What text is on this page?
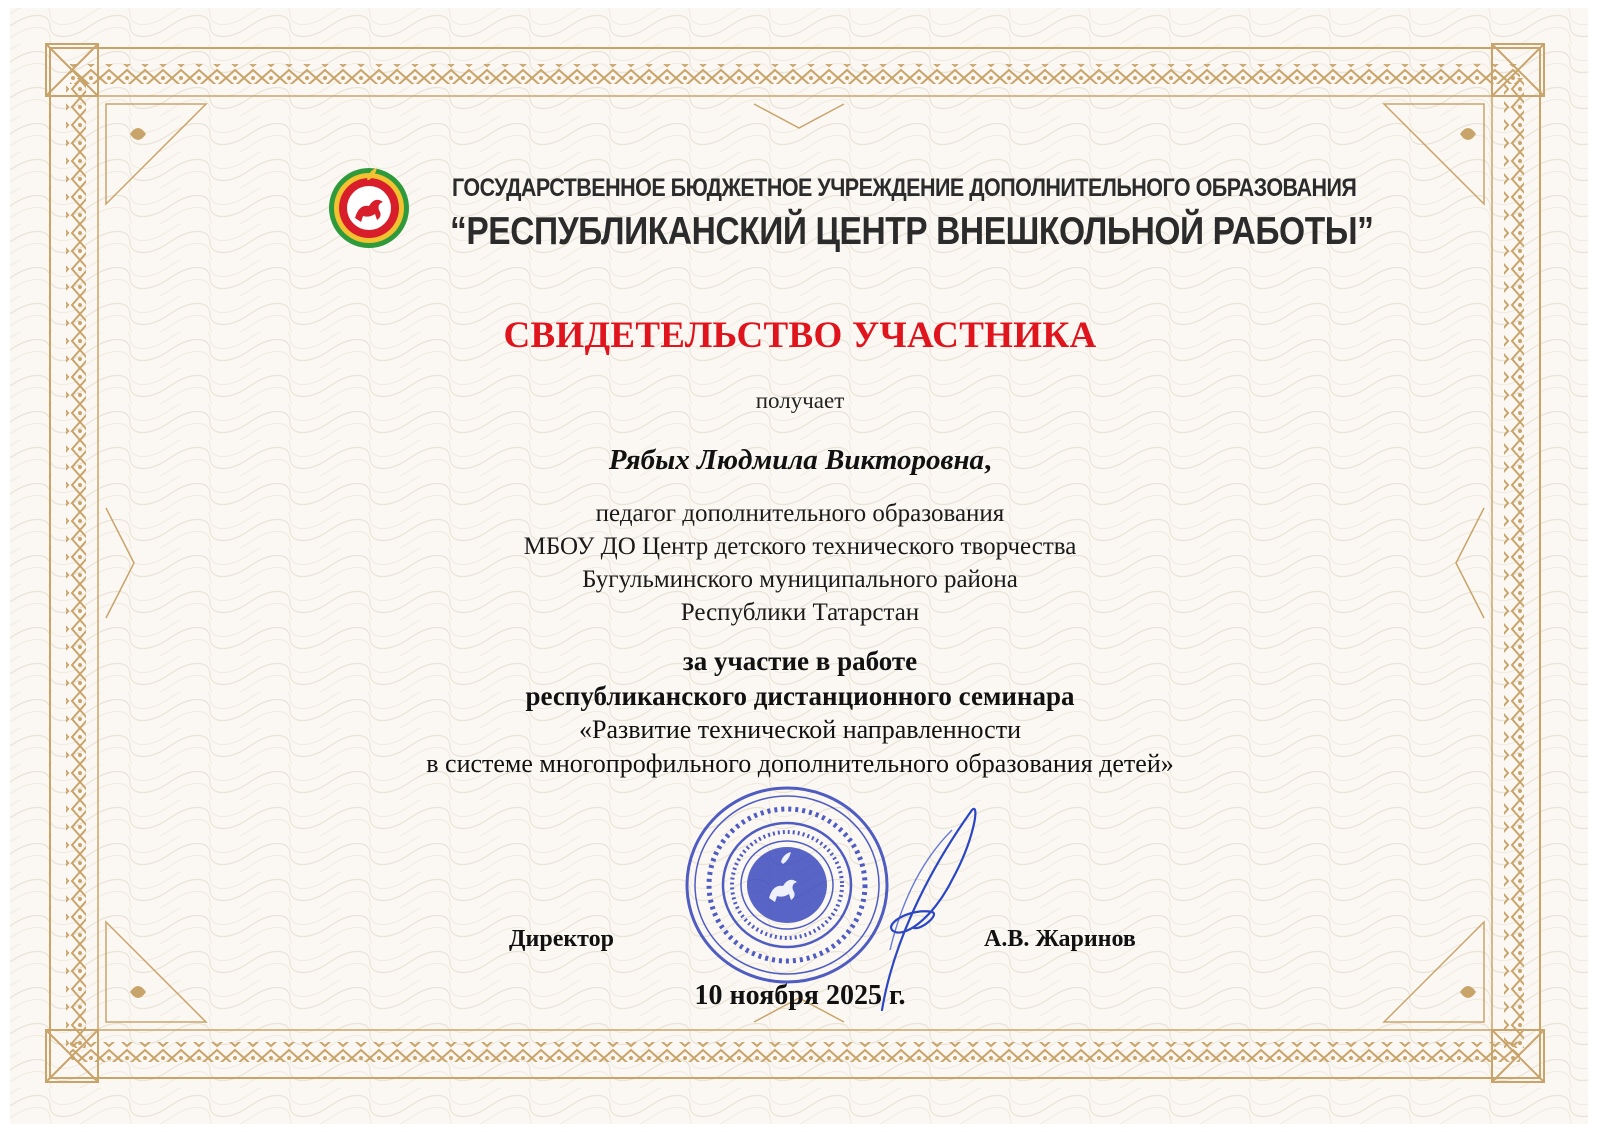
ГОСУДАРСТВЕННОЕ БЮДЖЕТНОЕ УЧРЕЖДЕНИЕ ДОПОЛНИТЕЛЬНОГО ОБРАЗОВАНИЯ
“РЕСПУБЛИКАНСКИЙ ЦЕНТР ВНЕШКОЛЬНОЙ РАБОТЫ”
СВИДЕТЕЛЬСТВО УЧАСТНИКА
получает
Рябых Людмила Викторовна,
педагог дополнительного образования
МБОУ ДО Центр детского технического творчества
Бугульминского муниципального района
Республики Татарстан
за участие в работе
республиканского дистанционного семинара
«Развитие технической направленности
в системе многопрофильного дополнительного образования детей»
Директор	А.В. Жаринов
10 ноября 2025 г.
